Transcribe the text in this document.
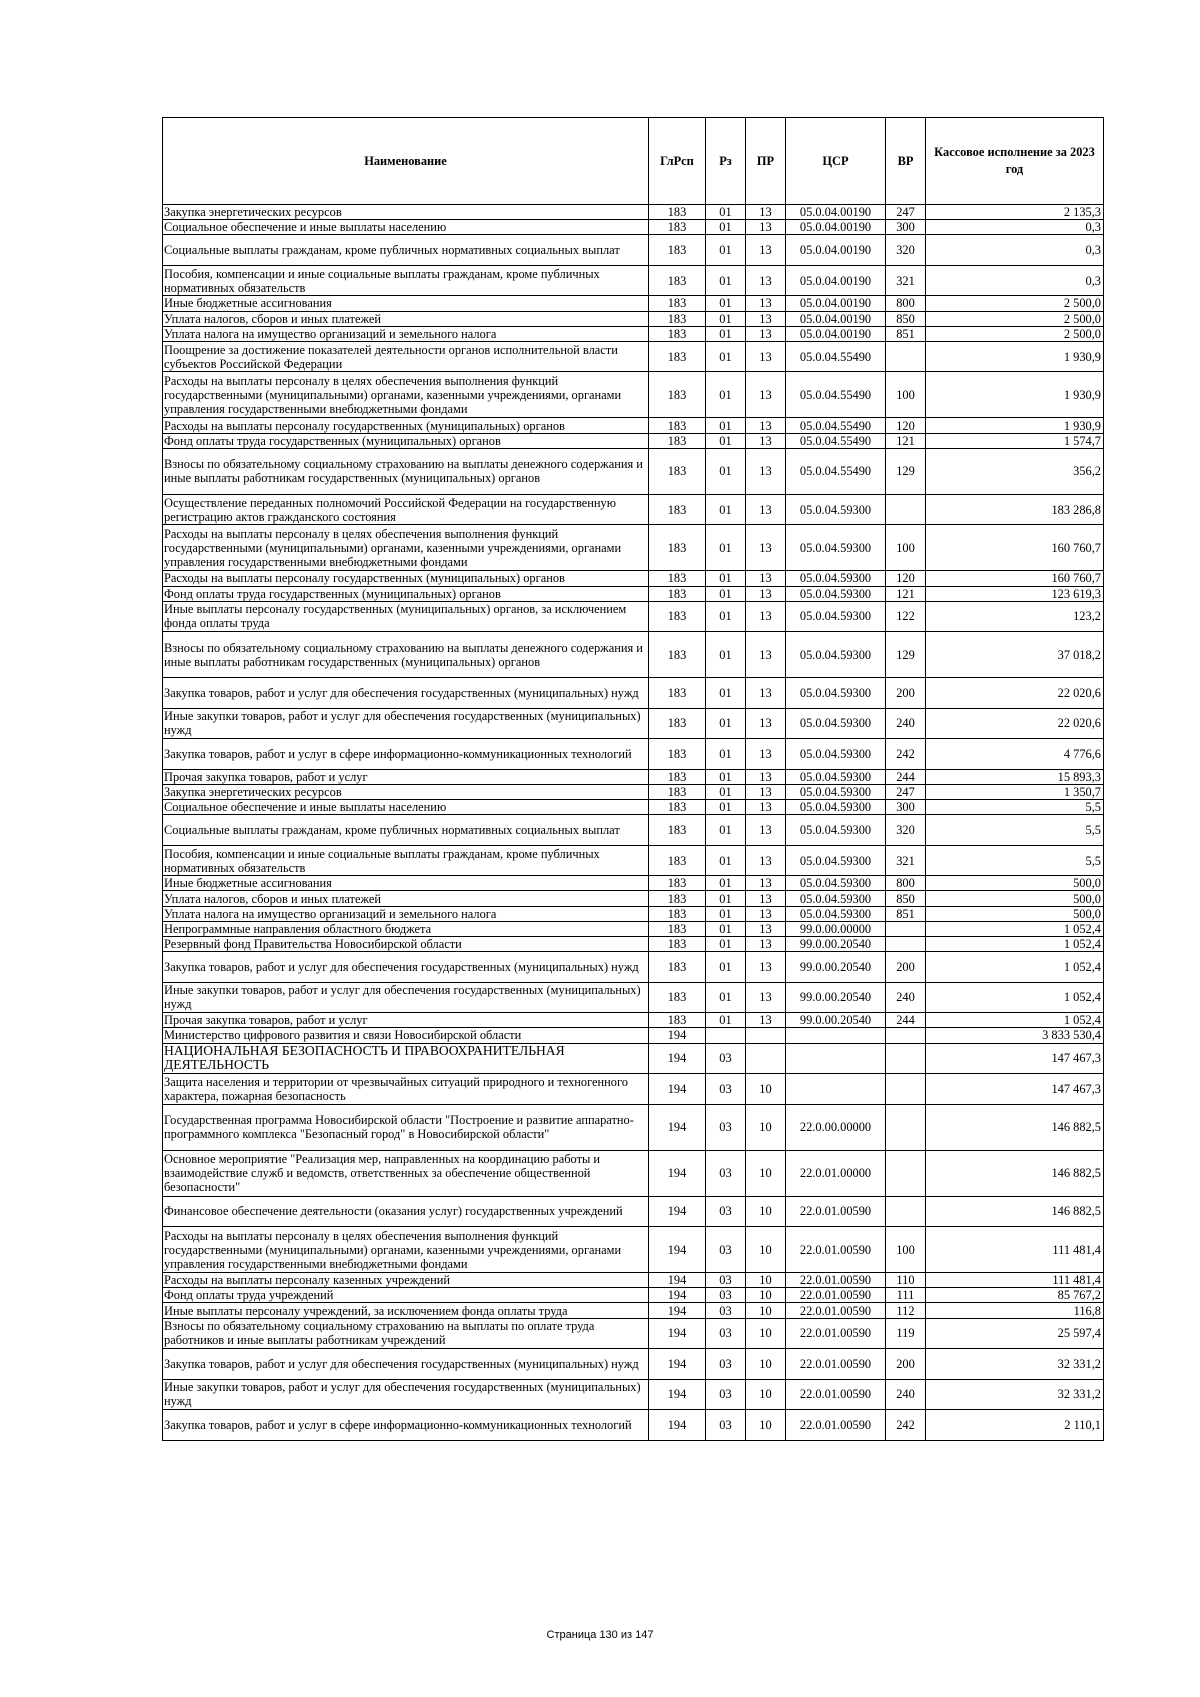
Наименование	ГлРсп	Рз	ПР	ЦСР	ВР	Кассовое исполнение за 2023 год
Закупка энергетических ресурсов	183	01	13	05.0.04.00190	247	2 135,3
Социальное обеспечение и иные выплаты населению	183	01	13	05.0.04.00190	300	0,3
Социальные выплаты гражданам, кроме публичных нормативных социальных выплат	183	01	13	05.0.04.00190	320	0,3
Пособия, компенсации и иные социальные выплаты гражданам, кроме публичных нормативных обязательств	183	01	13	05.0.04.00190	321	0,3
Иные бюджетные ассигнования	183	01	13	05.0.04.00190	800	2 500,0
Уплата налогов, сборов и иных платежей	183	01	13	05.0.04.00190	850	2 500,0
Уплата налога на имущество организаций и земельного налога	183	01	13	05.0.04.00190	851	2 500,0
Поощрение за достижение показателей деятельности органов исполнительной власти субъектов Российской Федерации	183	01	13	05.0.04.55490		1 930,9
Расходы на выплаты персоналу в целях обеспечения выполнения функций государственными (муниципальными) органами, казенными учреждениями, органами управления государственными внебюджетными фондами	183	01	13	05.0.04.55490	100	1 930,9
Расходы на выплаты персоналу государственных (муниципальных) органов	183	01	13	05.0.04.55490	120	1 930,9
Фонд оплаты труда государственных (муниципальных) органов	183	01	13	05.0.04.55490	121	1 574,7
Взносы по обязательному социальному страхованию на выплаты денежного содержания и иные выплаты работникам государственных (муниципальных) органов	183	01	13	05.0.04.55490	129	356,2
Осуществление переданных полномочий Российской Федерации на государственную регистрацию актов гражданского состояния	183	01	13	05.0.04.59300		183 286,8
Расходы на выплаты персоналу в целях обеспечения выполнения функций государственными (муниципальными) органами, казенными учреждениями, органами управления государственными внебюджетными фондами	183	01	13	05.0.04.59300	100	160 760,7
Расходы на выплаты персоналу государственных (муниципальных) органов	183	01	13	05.0.04.59300	120	160 760,7
Фонд оплаты труда государственных (муниципальных) органов	183	01	13	05.0.04.59300	121	123 619,3
Иные выплаты персоналу государственных (муниципальных) органов, за исключением фонда оплаты труда	183	01	13	05.0.04.59300	122	123,2
Взносы по обязательному социальному страхованию на выплаты денежного содержания и иные выплаты работникам государственных (муниципальных) органов	183	01	13	05.0.04.59300	129	37 018,2
Закупка товаров, работ и услуг для обеспечения государственных (муниципальных) нужд	183	01	13	05.0.04.59300	200	22 020,6
Иные закупки товаров, работ и услуг для обеспечения государственных (муниципальных) нужд	183	01	13	05.0.04.59300	240	22 020,6
Закупка товаров, работ и услуг в сфере информационно-коммуникационных технологий	183	01	13	05.0.04.59300	242	4 776,6
Прочая закупка товаров, работ и услуг	183	01	13	05.0.04.59300	244	15 893,3
Закупка энергетических ресурсов	183	01	13	05.0.04.59300	247	1 350,7
Социальное обеспечение и иные выплаты населению	183	01	13	05.0.04.59300	300	5,5
Социальные выплаты гражданам, кроме публичных нормативных социальных выплат	183	01	13	05.0.04.59300	320	5,5
Пособия, компенсации и иные социальные выплаты гражданам, кроме публичных нормативных обязательств	183	01	13	05.0.04.59300	321	5,5
Иные бюджетные ассигнования	183	01	13	05.0.04.59300	800	500,0
Уплата налогов, сборов и иных платежей	183	01	13	05.0.04.59300	850	500,0
Уплата налога на имущество организаций и земельного налога	183	01	13	05.0.04.59300	851	500,0
Непрограммные направления областного бюджета	183	01	13	99.0.00.00000		1 052,4
Резервный фонд Правительства Новосибирской области	183	01	13	99.0.00.20540		1 052,4
Закупка товаров, работ и услуг для обеспечения государственных (муниципальных) нужд	183	01	13	99.0.00.20540	200	1 052,4
Иные закупки товаров, работ и услуг для обеспечения государственных (муниципальных) нужд	183	01	13	99.0.00.20540	240	1 052,4
Прочая закупка товаров, работ и услуг	183	01	13	99.0.00.20540	244	1 052,4
Министерство цифрового развития и связи Новосибирской области	194					3 833 530,4
НАЦИОНАЛЬНАЯ БЕЗОПАСНОСТЬ И ПРАВООХРАНИТЕЛЬНАЯ ДЕЯТЕЛЬНОСТЬ	194	03				147 467,3
Защита населения и территории от чрезвычайных ситуаций природного и техногенного характера, пожарная безопасность	194	03	10			147 467,3
Государственная программа Новосибирской области "Построение и развитие аппаратно-программного комплекса "Безопасный город" в Новосибирской области"	194	03	10	22.0.00.00000		146 882,5
Основное мероприятие "Реализация мер, направленных на координацию работы и взаимодействие служб и ведомств, ответственных за обеспечение общественной безопасности"	194	03	10	22.0.01.00000		146 882,5
Финансовое обеспечение деятельности (оказания услуг) государственных учреждений	194	03	10	22.0.01.00590		146 882,5
Расходы на выплаты персоналу в целях обеспечения выполнения функций государственными (муниципальными) органами, казенными учреждениями, органами управления государственными внебюджетными фондами	194	03	10	22.0.01.00590	100	111 481,4
Расходы на выплаты персоналу казенных учреждений	194	03	10	22.0.01.00590	110	111 481,4
Фонд оплаты труда учреждений	194	03	10	22.0.01.00590	111	85 767,2
Иные выплаты персоналу учреждений, за исключением фонда оплаты труда	194	03	10	22.0.01.00590	112	116,8
Взносы по обязательному социальному страхованию на выплаты по оплате труда работников и иные выплаты работникам учреждений	194	03	10	22.0.01.00590	119	25 597,4
Закупка товаров, работ и услуг для обеспечения государственных (муниципальных) нужд	194	03	10	22.0.01.00590	200	32 331,2
Иные закупки товаров, работ и услуг для обеспечения государственных (муниципальных) нужд	194	03	10	22.0.01.00590	240	32 331,2
Закупка товаров, работ и услуг в сфере информационно-коммуникационных технологий	194	03	10	22.0.01.00590	242	2 110,1
Страница 130 из 147
